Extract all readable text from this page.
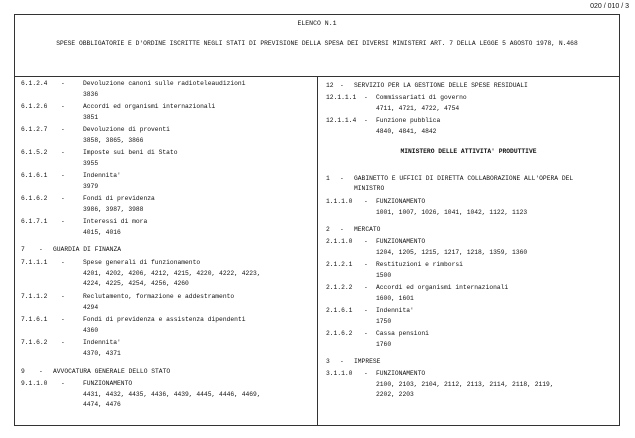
020 / 010 / 3
ELENCO N.1
SPESE OBBLIGATORIE E D'ORDINE ISCRITTE NEGLI STATI DI PREVISIONE DELLA SPESA DEI DIVERSI MINISTERI ART. 7 DELLA LEGGE 5 AGOSTO 1978, N.468
6.1.2.4 -	Devoluzione canoni sulle radioteleaudizioni
3836
6.1.2.6 -	Accordi ed organismi internazionali
3851
6.1.2.7 -	Devoluzione di proventi
3858, 3865, 3866
6.1.5.2 -	Imposte sui beni di Stato
3955
6.1.6.1 -	Indennita'
3979
6.1.6.2 -	Fondi di previdenza
3986, 3987, 3988
6.1.7.1 -	Interessi di mora
4015, 4016
7 - GUARDIA DI FINANZA
7.1.1.1 -	Spese generali di funzionamento
4201, 4202, 4206, 4212, 4215, 4220, 4222, 4223,
4224, 4225, 4254, 4256, 4260
7.1.1.2 -	Reclutamento, formazione e addestramento
4294
7.1.6.1 -	Fondi di previdenza e assistenza dipendenti
4360
7.1.6.2 -	Indennita'
4370, 4371
9 - AVVOCATURA GENERALE DELLO STATO
9.1.1.0 -	FUNZIONAMENTO
4431, 4432, 4435, 4436, 4439, 4445, 4446, 4469,
4474, 4476
12 - SERVIZIO PER LA GESTIONE DELLE SPESE RESIDUALI
12.1.1.1 - Commissariati di governo
4711, 4721, 4722, 4754
12.1.1.4 - Funzione pubblica
4840, 4841, 4842
MINISTERO DELLE ATTIVITA' PRODUTTIVE
1 - GABINETTO E UFFICI DI DIRETTA COLLABORAZIONE ALL'OPERA DEL
MINISTRO
1.1.1.0 - FUNZIONAMENTO
1001, 1007, 1026, 1041, 1042, 1122, 1123
2 - MERCATO
2.1.1.0 - FUNZIONAMENTO
1204, 1205, 1215, 1217, 1218, 1359, 1360
2.1.2.1 - Restituzioni e rimborsi
1500
2.1.2.2 - Accordi ed organismi internazionali
1600, 1601
2.1.6.1 - Indennita'
1750
2.1.6.2 - Cassa pensioni
1760
3 - IMPRESE
3.1.1.0 - FUNZIONAMENTO
2100, 2103, 2104, 2112, 2113, 2114, 2118, 2119,
2202, 2203
